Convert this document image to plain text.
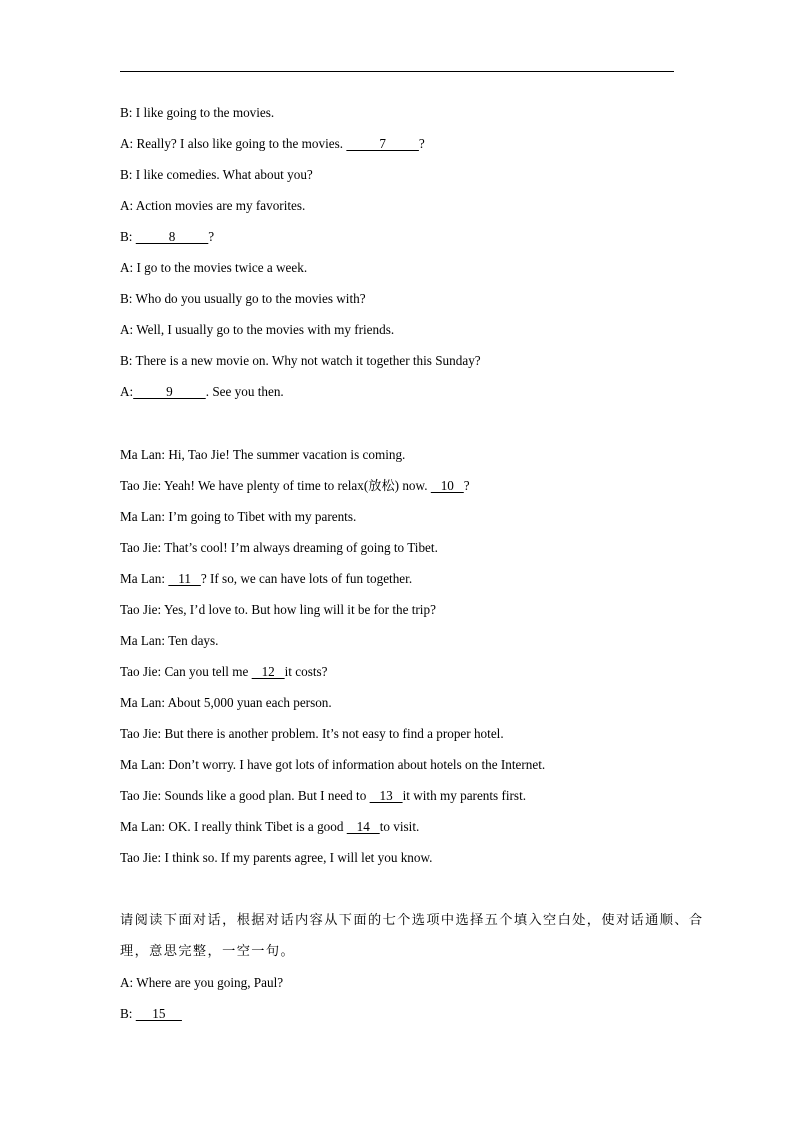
B: I like going to the movies.
A: Really? I also like going to the movies.           7          ?
B: I like comedies. What about you?
A: Action movies are my favorites.
B:           8          ?
A: I go to the movies twice a week.
B: Who do you usually go to the movies with?
A: Well, I usually go to the movies with my friends.
B: There is a new movie on. Why not watch it together this Sunday?
A:          9          . See you then.
Ma Lan: Hi, Tao Jie! The summer vacation is coming.
Tao Jie: Yeah! We have plenty of time to relax(放松) now.    10   ?
Ma Lan: I’m going to Tibet with my parents.
Tao Jie: That’s cool! I’m always dreaming of going to Tibet.
Ma Lan:    11   ? If so, we can have lots of fun together.
Tao Jie: Yes, I’d love to. But how ling will it be for the trip?
Ma Lan: Ten days.
Tao Jie: Can you tell me    12   it costs?
Ma Lan: About 5,000 yuan each person.
Tao Jie: But there is another problem. It’s not easy to find a proper hotel.
Ma Lan: Don’t worry. I have got lots of information about hotels on the Internet.
Tao Jie: Sounds like a good plan. But I need to    13   it with my parents first.
Ma Lan: OK. I really think Tibet is a good    14   to visit.
Tao Jie: I think so. If my parents agree, I will let you know.
请阅读下面对话，根据对话内容从下面的七个选项中选择五个填入空白处，使对话通顺、合
理，意思完整，一空一句。
A: Where are you going, Paul?
B:      15
